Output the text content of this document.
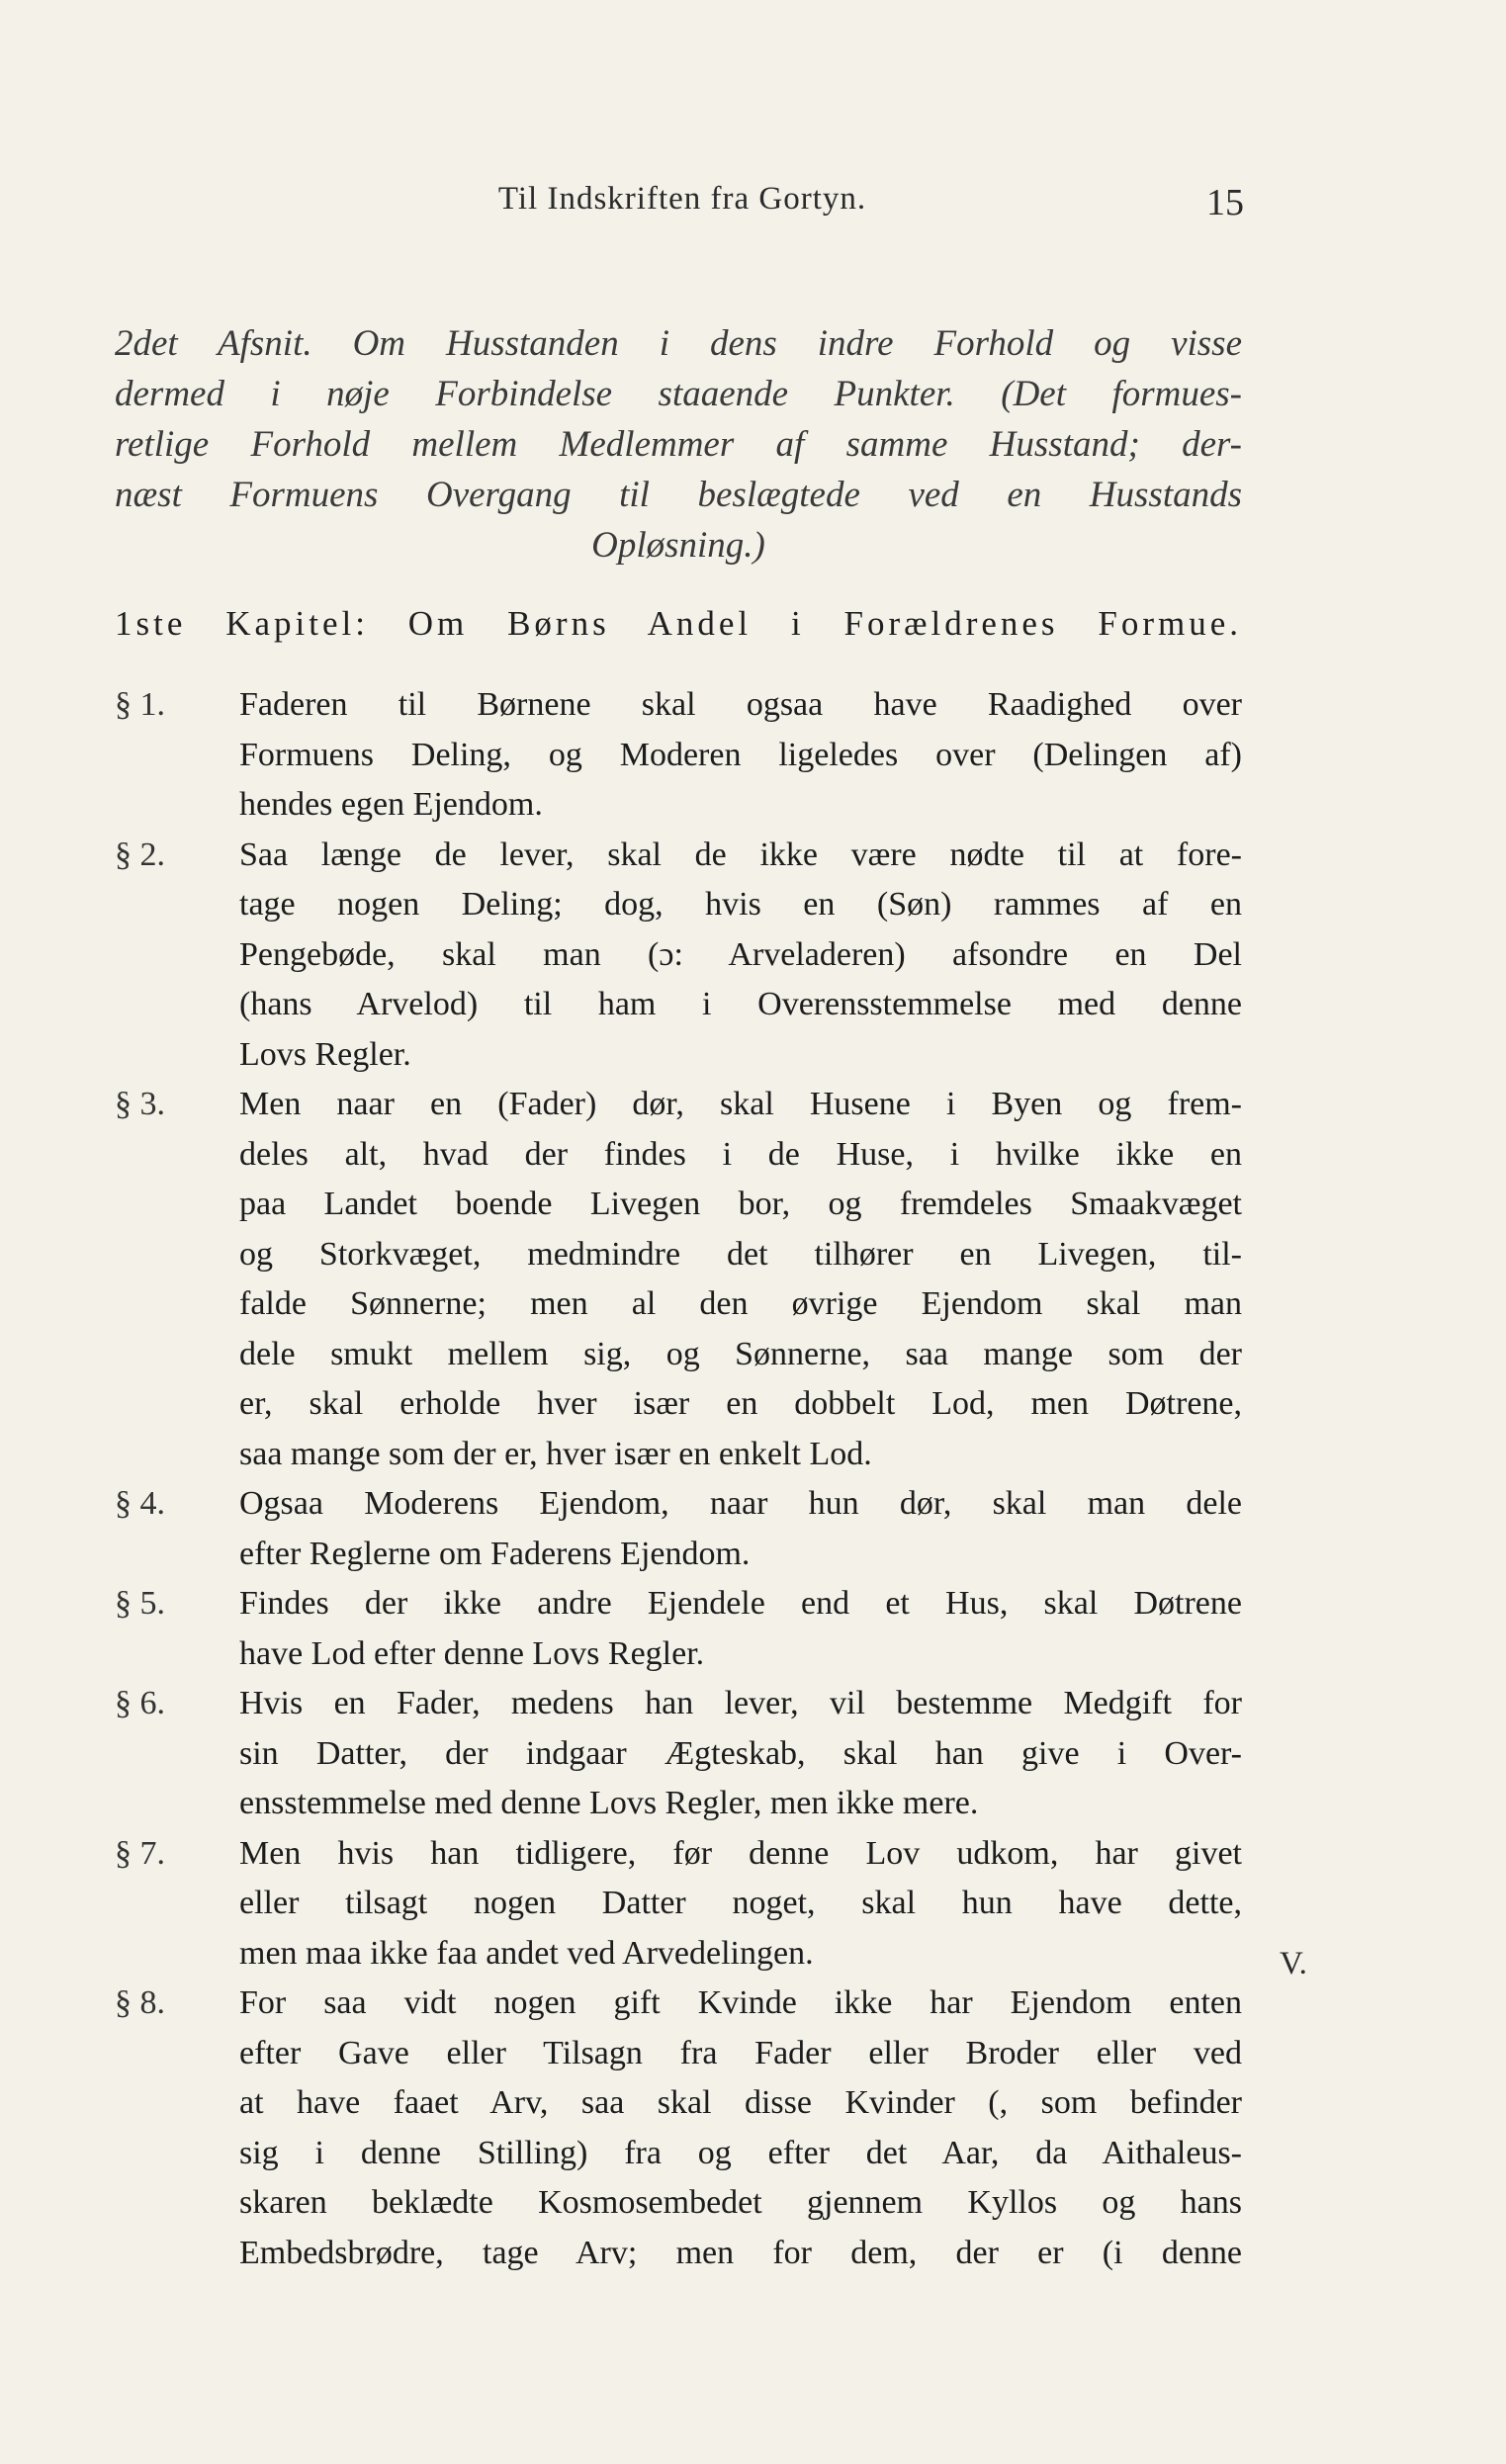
Til Indskriften fra Gortyn.	15
2det Afsnit. Om Husstanden i dens indre Forhold og visse
dermed i nøje Forbindelse staaende Punkter. (Det formues-
retlige Forhold mellem Medlemmer af samme Husstand; der-
næst Formuens Overgang til beslægtede ved en Husstands
Opløsning.)
1ste Kapitel: Om Børns Andel i Forældrenes Formue.
§ 1. Faderen til Børnene skal ogsaa have Raadighed over
Formuens Deling, og Moderen ligeledes over (Delingen af)
hendes egen Ejendom.
§ 2. Saa længe de lever, skal de ikke være nødte til at fore-
tage nogen Deling; dog, hvis en (Søn) rammes af en
Pengebøde, skal man (ɔ: Arveladeren) afsondre en Del
(hans Arvelod) til ham i Overensstemmelse med denne
Lovs Regler.
§ 3. Men naar en (Fader) dør, skal Husene i Byen og frem-
deles alt, hvad der findes i de Huse, i hvilke ikke en
paa Landet boende Livegen bor, og fremdeles Smaakvæget
og Storkvæget, medmindre det tilhører en Livegen, til-
falde Sønnerne; men al den øvrige Ejendom skal man
dele smukt mellem sig, og Sønnerne, saa mange som der
er, skal erholde hver især en dobbelt Lod, men Døtrene,
saa mange som der er, hver især en enkelt Lod.
§ 4. Ogsaa Moderens Ejendom, naar hun dør, skal man dele
efter Reglerne om Faderens Ejendom.
§ 5. Findes der ikke andre Ejendele end et Hus, skal Døtrene
have Lod efter denne Lovs Regler.
§ 6. Hvis en Fader, medens han lever, vil bestemme Medgift for
sin Datter, der indgaar Ægteskab, skal han give i Over-
ensstemmelse med denne Lovs Regler, men ikke mere.
§ 7. Men hvis han tidligere, før denne Lov udkom, har givet
eller tilsagt nogen Datter noget, skal hun have dette,
men maa ikke faa andet ved Arvedelingen.
§ 8. For saa vidt nogen gift Kvinde ikke har Ejendom enten
efter Gave eller Tilsagn fra Fader eller Broder eller ved
at have faaet Arv, saa skal disse Kvinder (, som befinder
sig i denne Stilling) fra og efter det Aar, da Aithaleus-
skaren beklædte Kosmosembedet gjennem Kyllos og hans
Embedsbrødre, tage Arv; men for dem, der er (i denne
V.
